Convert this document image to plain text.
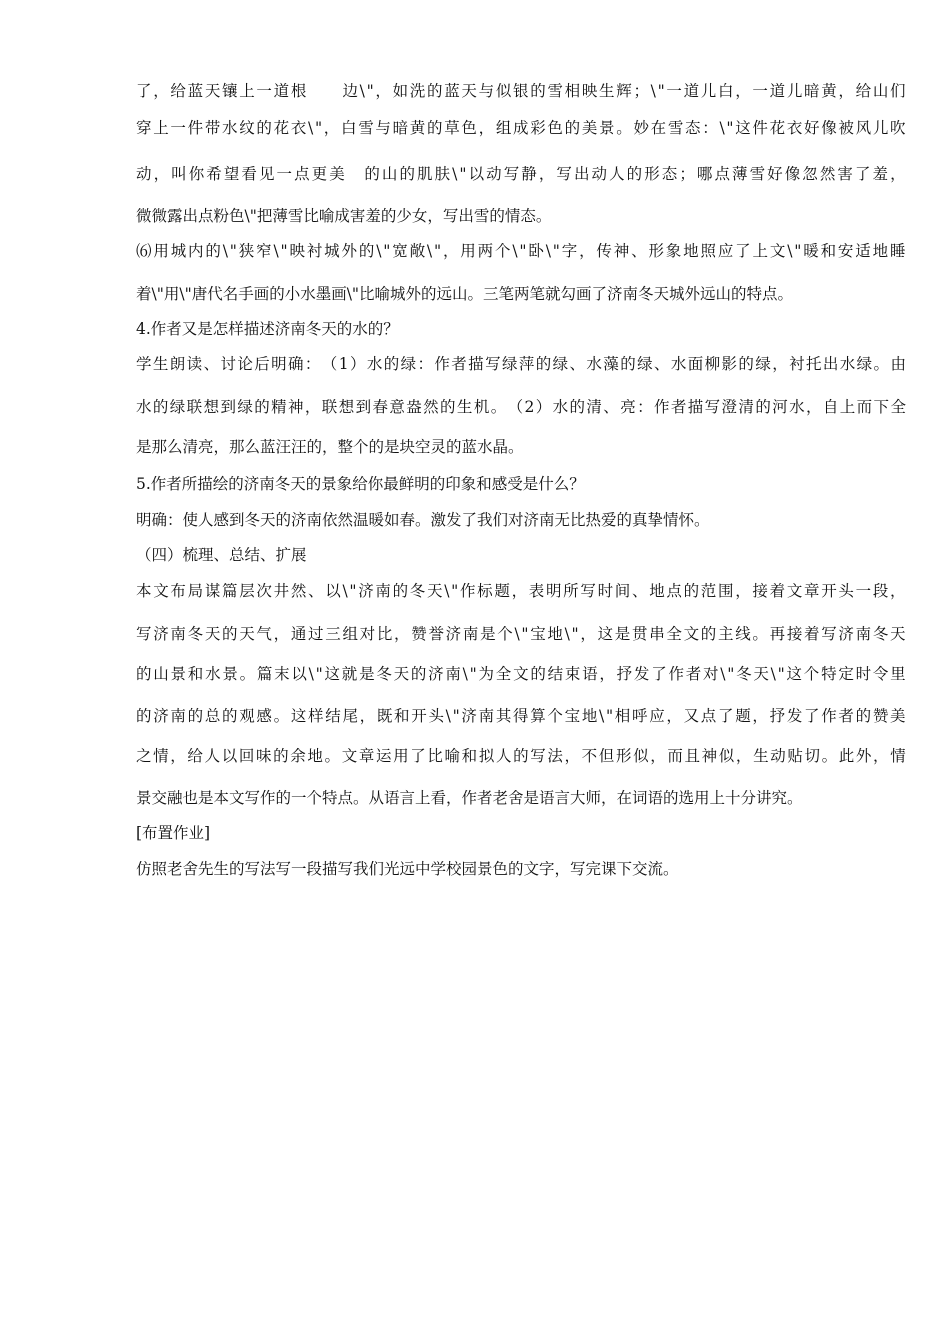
了 ， 给 蓝 天 镶 上 一 道 根

　 边 \ " ， 如 洗 的 蓝 天 与 似 银 的 雪 相 映 生 辉 ； \ " 一 道 儿 白 ， 一 道 儿 暗 黄 ， 给 山 们
穿 上 一 件 带 水 纹 的 花 衣 \ " ， 白 雪 与 暗 黄 的 草 色 ， 组 成 彩 色 的 美 景 。 妙 在 雪 态 ： \ " 这 件 花 衣 好 像 被 风 儿 吹
动 ， 叫 你 希 望 看 见 一 点 更 美
　 的 山 的 肌 肤 \ " 以 动 写 静 ， 写 出 动 人 的 形 态 ； 哪 点 薄 雪 好 像 忽 然 害 了 羞 ，
微微露出点粉色\"把薄雪比喻成害羞的少女，写出雪的情态。
⑹ 用 城 内 的 \ " 狭 窄 \ " 映 衬 城 外 的 \ " 宽 敞 \ " ， 用 两 个 \ " 卧 \ " 字 ， 传 神 、 形 象 地 照 应 了 上 文 \ " 暖 和 安 适 地 睡
着\"用\"唐代名手画的小水墨画\"比喻城外的远山。三笔两笔就勾画了济南冬天城外远山的特点。
4.作者又是怎样描述济南冬天的水的？
学 生 朗 读 、 讨 论 后 明 确 ： （ 1 ） 水 的 绿 ： 作 者 描 写 绿 萍 的 绿 、 水 藻 的 绿 、 水 面 柳 影 的 绿 ， 衬 托 出 水 绿 。 由
水 的 绿 联 想 到 绿 的 精 神 ， 联 想 到 春 意 盎 然 的 生 机 。 （ 2 ） 水 的 清 、 亮 ： 作 者 描 写 澄 清 的 河 水 ， 自 上 而 下 全
是那么清亮，那么蓝汪汪的，整个的是块空灵的蓝水晶。
5.作者所描绘的济南冬天的景象给你最鲜明的印象和感受是什么？
明确：使人感到冬天的济南依然温暖如春。激发了我们对济南无比热爱的真挚情怀。
（四）梳理、总结、扩展
本 文 布 局 谋 篇 层 次 井 然 、 以 \ " 济 南 的 冬 天 \ " 作 标 题 ， 表 明 所 写 时 间 、 地 点 的 范 围 ， 接 着 文 章 开 头 一 段 ，
写 济 南 冬 天 的 天 气 ， 通 过 三 组 对 比 ， 赞 誉 济 南 是 个 \ " 宝 地 \ " ， 这 是 贯 串 全 文 的 主 线 。 再 接 着 写 济 南 冬 天
的 山 景 和 水 景 。 篇 末 以 \ " 这 就 是 冬 天 的 济 南 \ " 为 全 文 的 结 束 语 ， 抒 发 了 作 者 对 \ " 冬 天 \ " 这 个 特 定 时 令 里
的 济 南 的 总 的 观 感 。 这 样 结 尾 ， 既 和 开 头 \ " 济 南 其 得 算 个 宝 地 \ " 相 呼 应 ， 又 点 了 题 ， 抒 发 了 作 者 的 赞 美
之 情 ， 给 人 以 回 味 的 余 地 。 文 章 运 用 了 比 喻 和 拟 人 的 写 法 ， 不 但 形 似 ， 而 且 神 似 ， 生 动 贴 切 。 此 外 ， 情
景交融也是本文写作的一个特点。从语言上看，作者老舍是语言大师，在词语的选用上十分讲究。
[布置作业]
仿照老舍先生的写法写一段描写我们光远中学校园景色的文字，写完课下交流。
